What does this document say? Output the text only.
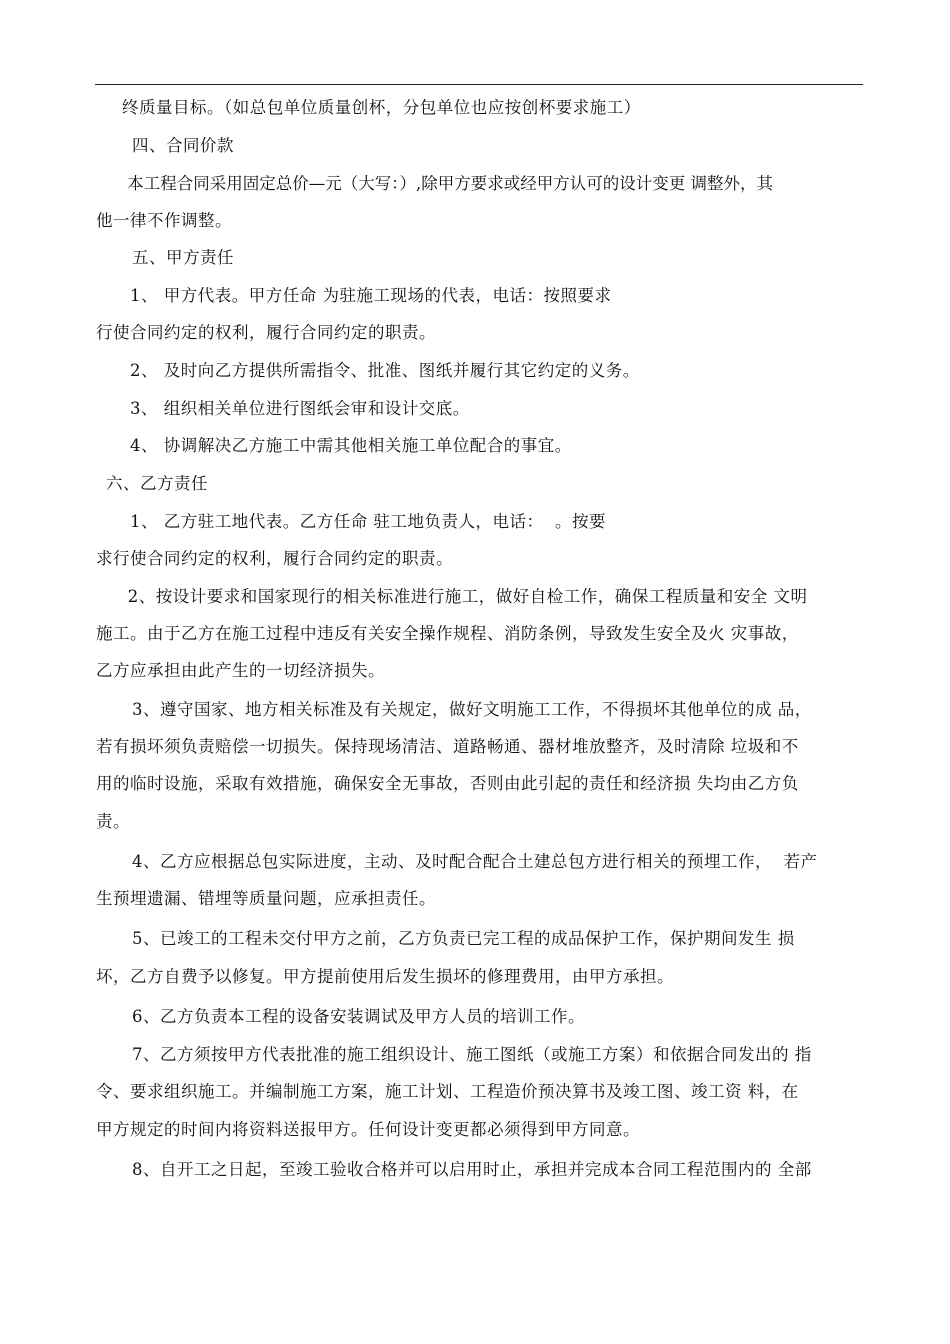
终质量目标。（如总包单位质量创杯，分包单位也应按创杯要求施工）
四、合同价款
本工程合同采用固定总价—元（大写：）,除甲方要求或经甲方认可的设计变更 调整外，其
他一律不作调整。
五、甲方责任
1、 甲方代表。甲方任命 为驻施工现场的代表，电话：按照要求
行使合同约定的权利，履行合同约定的职责。
2、 及时向乙方提供所需指令、批准、图纸并履行其它约定的义务。
3、 组织相关单位进行图纸会审和设计交底。
4、 协调解决乙方施工中需其他相关施工单位配合的事宜。
六、乙方责任
1、 乙方驻工地代表。乙方任命 驻工地负责人，电话：  。按要
求行使合同约定的权利，履行合同约定的职责。
2、按设计要求和国家现行的相关标准进行施工，做好自检工作，确保工程质量和安全 文明
施工。由于乙方在施工过程中违反有关安全操作规程、消防条例，导致发生安全及火 灾事故，
乙方应承担由此产生的一切经济损失。
3、遵守国家、地方相关标准及有关规定，做好文明施工工作，不得损坏其他单位的成 品，
若有损坏须负责赔偿一切损失。保持现场清洁、道路畅通、器材堆放整齐，及时清除 垃圾和不
用的临时设施，采取有效措施，确保安全无事故，否则由此引起的责任和经济损 失均由乙方负
责。
4、乙方应根据总包实际进度，主动、及时配合配合土建总包方进行相关的预埋工作，  若产
生预埋遗漏、错埋等质量问题，应承担责任。
5、已竣工的工程未交付甲方之前，乙方负责已完工程的成品保护工作，保护期间发生 损
坏，乙方自费予以修复。甲方提前使用后发生损坏的修理费用，由甲方承担。
6、乙方负责本工程的设备安装调试及甲方人员的培训工作。
7、乙方须按甲方代表批准的施工组织设计、施工图纸（或施工方案）和依据合同发出的 指
令、要求组织施工。并编制施工方案，施工计划、工程造价预决算书及竣工图、竣工资 料，在
甲方规定的时间内将资料送报甲方。任何设计变更都必须得到甲方同意。
8、自开工之日起，至竣工验收合格并可以启用时止，承担并完成本合同工程范围内的 全部
